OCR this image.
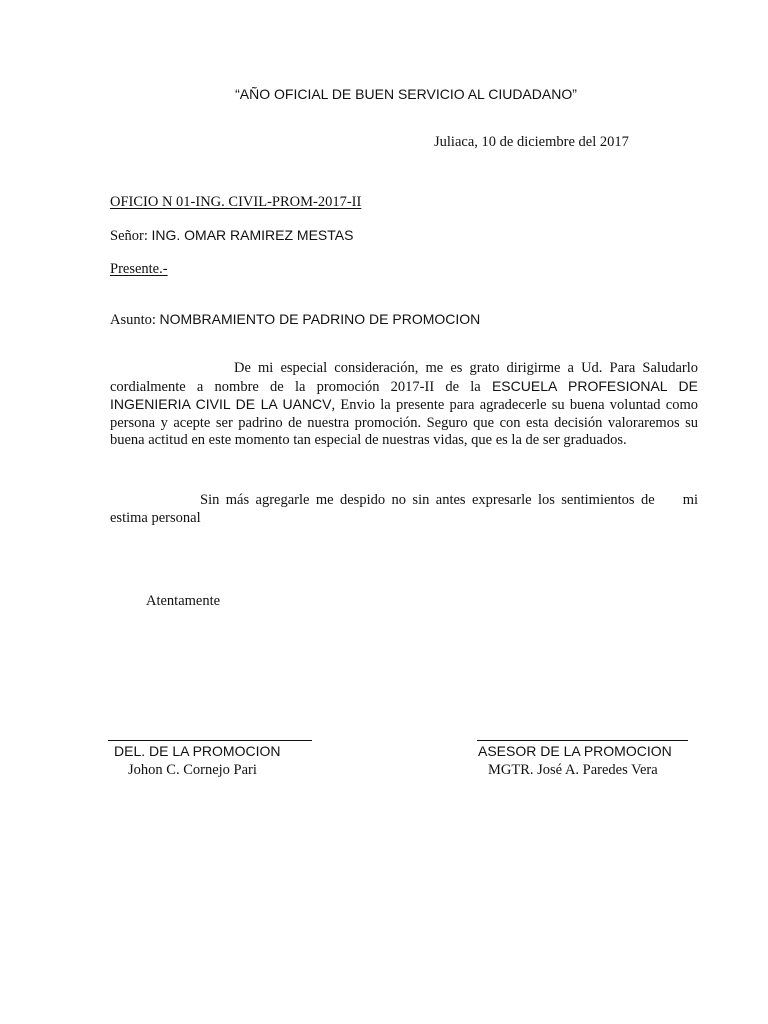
“AÑO OFICIAL DE BUEN SERVICIO AL CIUDADANO”
Juliaca, 10 de diciembre del 2017
OFICIO N 01-ING. CIVIL-PROM-2017-II
Señor: ING. OMAR RAMIREZ MESTAS
Presente.-
Asunto: NOMBRAMIENTO DE PADRINO DE PROMOCION
De mi especial consideración, me es grato dirigirme a Ud. Para Saludarlo cordialmente a nombre de la promoción 2017-II de la ESCUELA PROFESIONAL DE INGENIERIA CIVIL DE LA UANCV, Envio la presente para agradecerle su buena voluntad como persona y acepte ser padrino de nuestra promoción. Seguro que con esta decisión valoraremos su buena actitud en este momento tan especial de nuestras vidas, que es la de ser graduados.
Sin más agregarle me despido no sin antes expresarle los sentimientos de mi estima personal
Atentamente
DEL. DE LA PROMOCION
Johon C. Cornejo Pari
ASESOR DE LA PROMOCION
MGTR. José A. Paredes Vera
